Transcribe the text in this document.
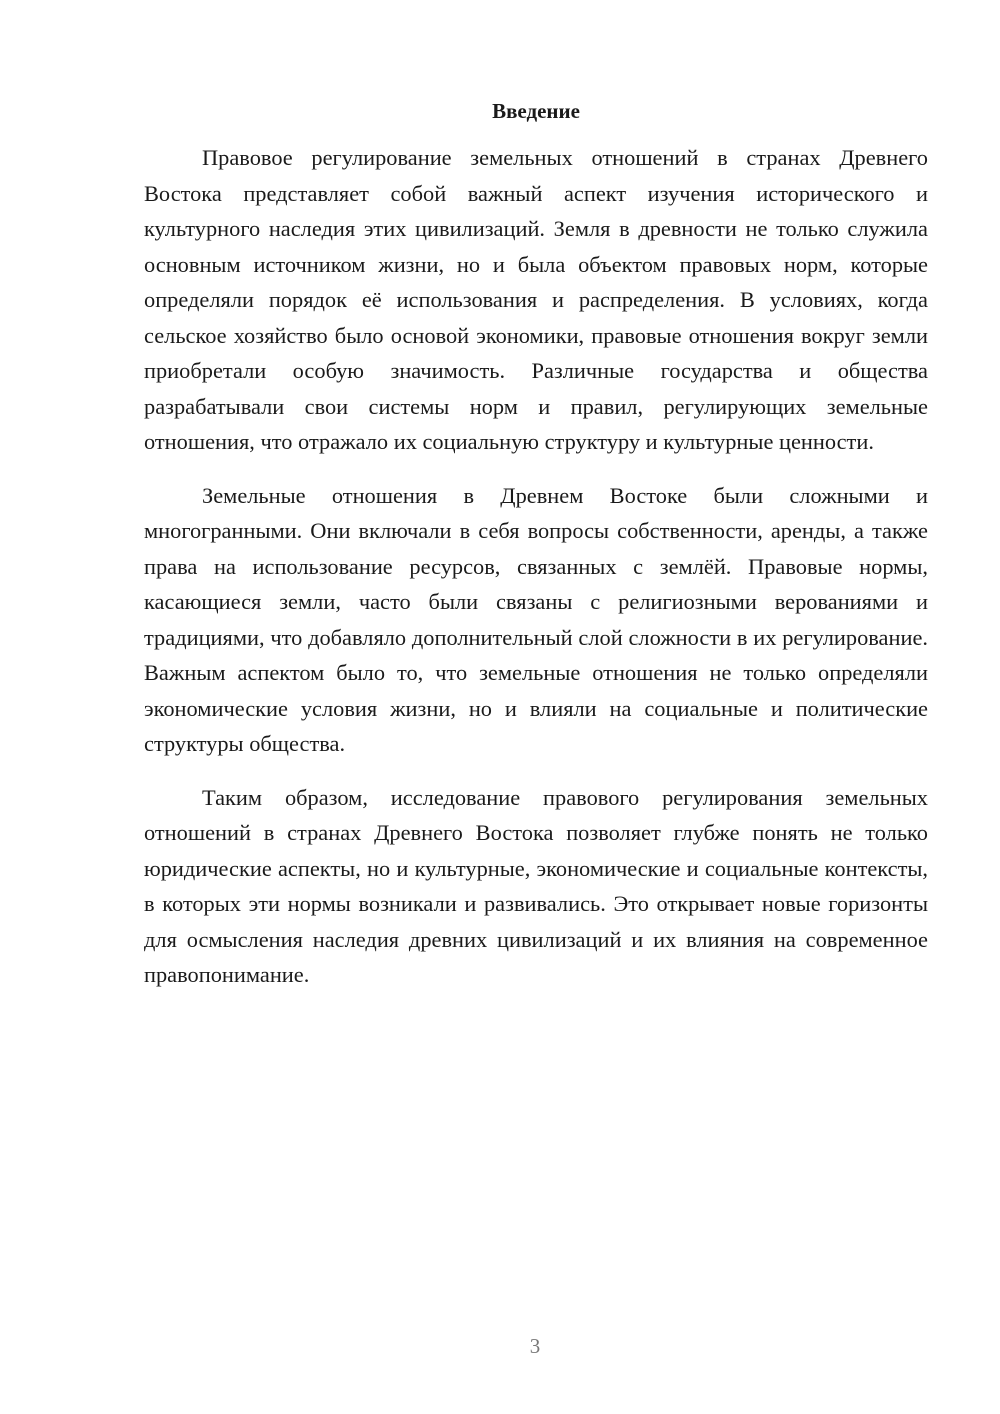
Введение

Правовое регулирование земельных отношений в странах Древнего Востока представляет собой важный аспект изучения исторического и культурного наследия этих цивилизаций. Земля в древности не только служила основным источником жизни, но и была объектом правовых норм, которые определяли порядок её использования и распределения. В условиях, когда сельское хозяйство было основой экономики, правовые отношения вокруг земли приобретали особую значимость. Различные государства и общества разрабатывали свои системы норм и правил, регулирующих земельные отношения, что отражало их социальную структуру и культурные ценности.

Земельные отношения в Древнем Востоке были сложными и многогранными. Они включали в себя вопросы собственности, аренды, а также права на использование ресурсов, связанных с землёй. Правовые нормы, касающиеся земли, часто были связаны с религиозными верованиями и традициями, что добавляло дополнительный слой сложности в их регулирование. Важным аспектом было то, что земельные отношения не только определяли экономические условия жизни, но и влияли на социальные и политические структуры общества.

Таким образом, исследование правового регулирования земельных отношений в странах Древнего Востока позволяет глубже понять не только юридические аспекты, но и культурные, экономические и социальные контексты, в которых эти нормы возникали и развивались. Это открывает новые горизонты для осмысления наследия древних цивилизаций и их влияния на современное правопонимание.

3
